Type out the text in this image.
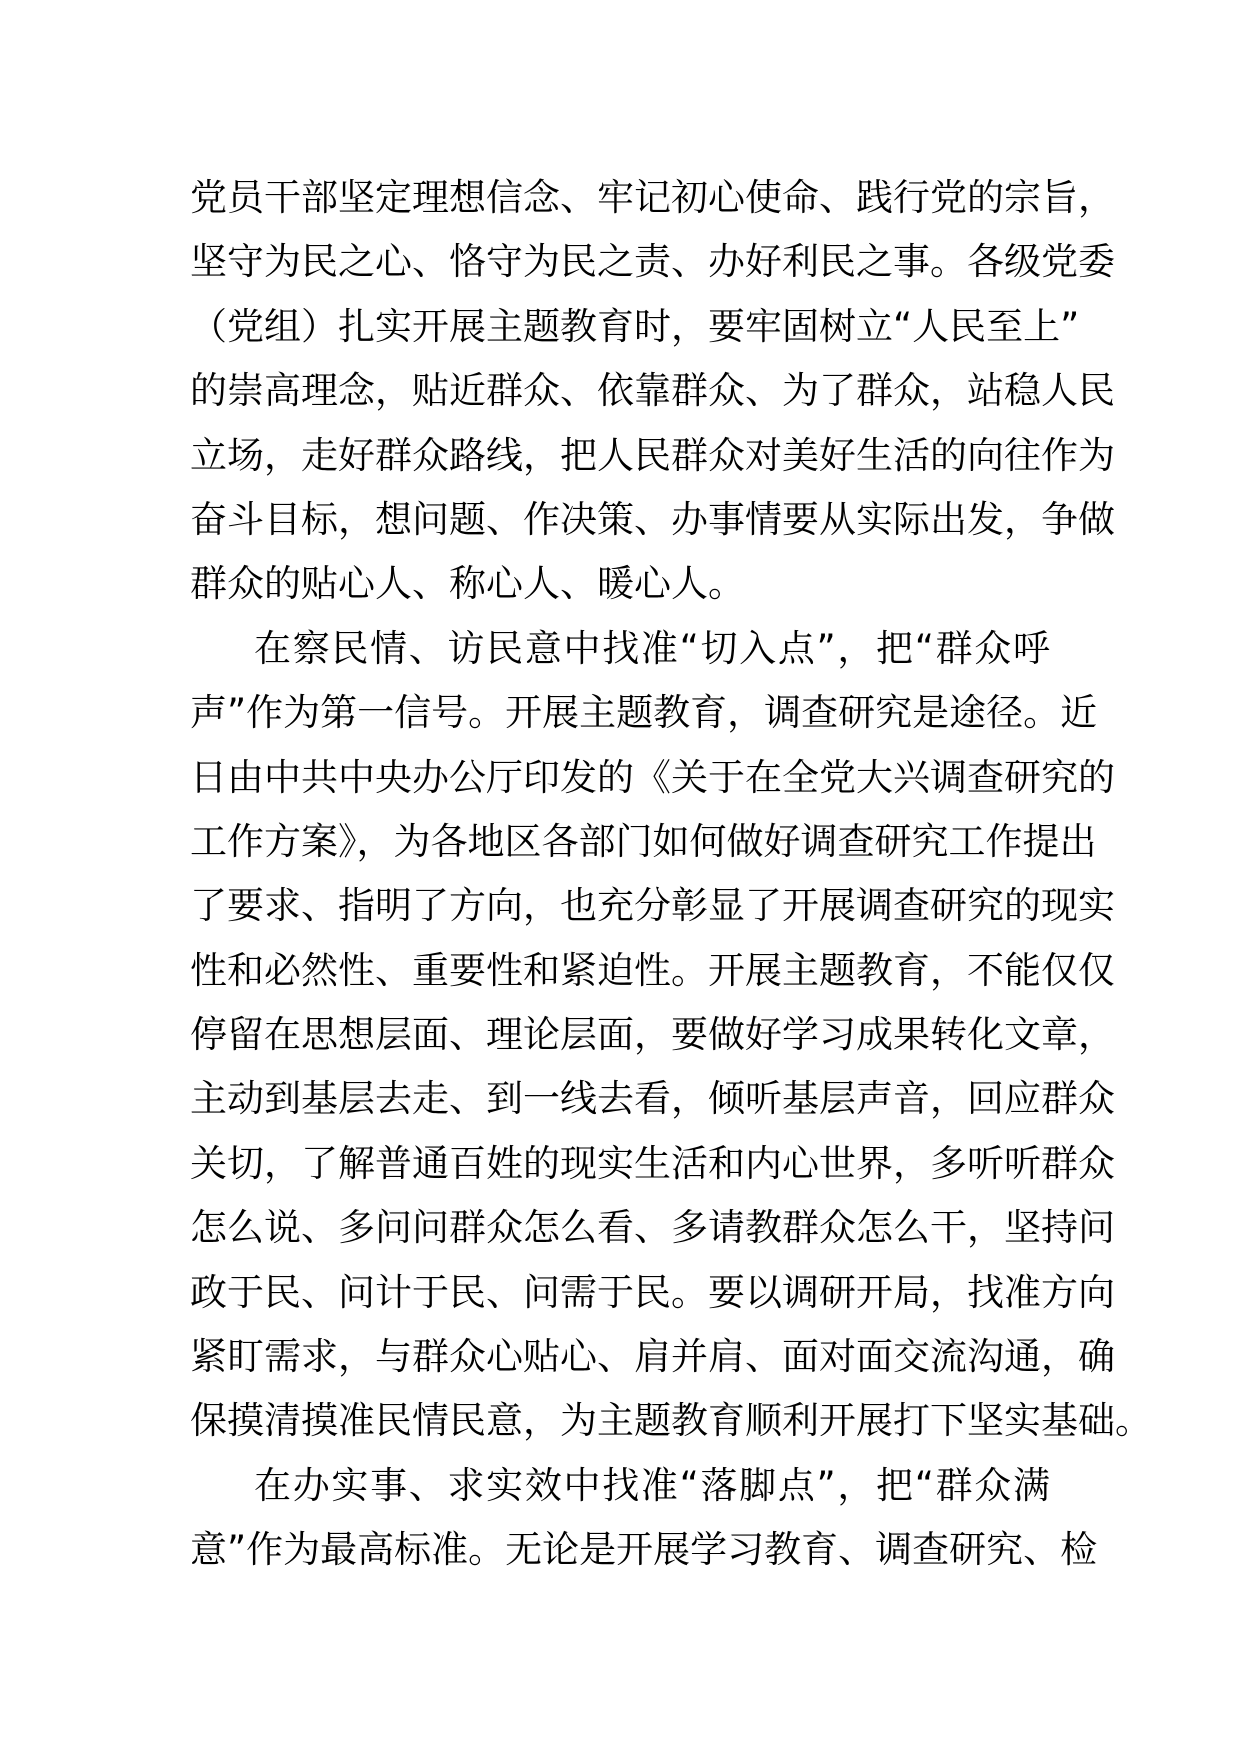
党员干部坚定理想信念、牢记初心使命、践行党的宗旨，
坚守为民之心、恪守为民之责、办好利民之事。各级党委
（党组）扎实开展主题教育时，要牢固树立“人民至上”
的崇高理念，贴近群众、依靠群众、为了群众，站稳人民
立场，走好群众路线，把人民群众对美好生活的向往作为
奋斗目标，想问题、作决策、办事情要从实际出发，争做
群众的贴心人、称心人、暖心人。
在察民情、访民意中找准“切入点”，把“群众呼
声”作为第一信号。开展主题教育，调查研究是途径。近
日由中共中央办公厅印发的《关于在全党大兴调查研究的
工作方案》，为各地区各部门如何做好调查研究工作提出
了要求、指明了方向，也充分彰显了开展调查研究的现实
性和必然性、重要性和紧迫性。开展主题教育，不能仅仅
停留在思想层面、理论层面，要做好学习成果转化文章，
主动到基层去走、到一线去看，倾听基层声音，回应群众
关切，了解普通百姓的现实生活和内心世界，多听听群众
怎么说、多问问群众怎么看、多请教群众怎么干，坚持问
政于民、问计于民、问需于民。要以调研开局，找准方向
紧盯需求，与群众心贴心、肩并肩、面对面交流沟通，确
保摸清摸准民情民意，为主题教育顺利开展打下坚实基础。
在办实事、求实效中找准“落脚点”，把“群众满
意”作为最高标准。无论是开展学习教育、调查研究、检
